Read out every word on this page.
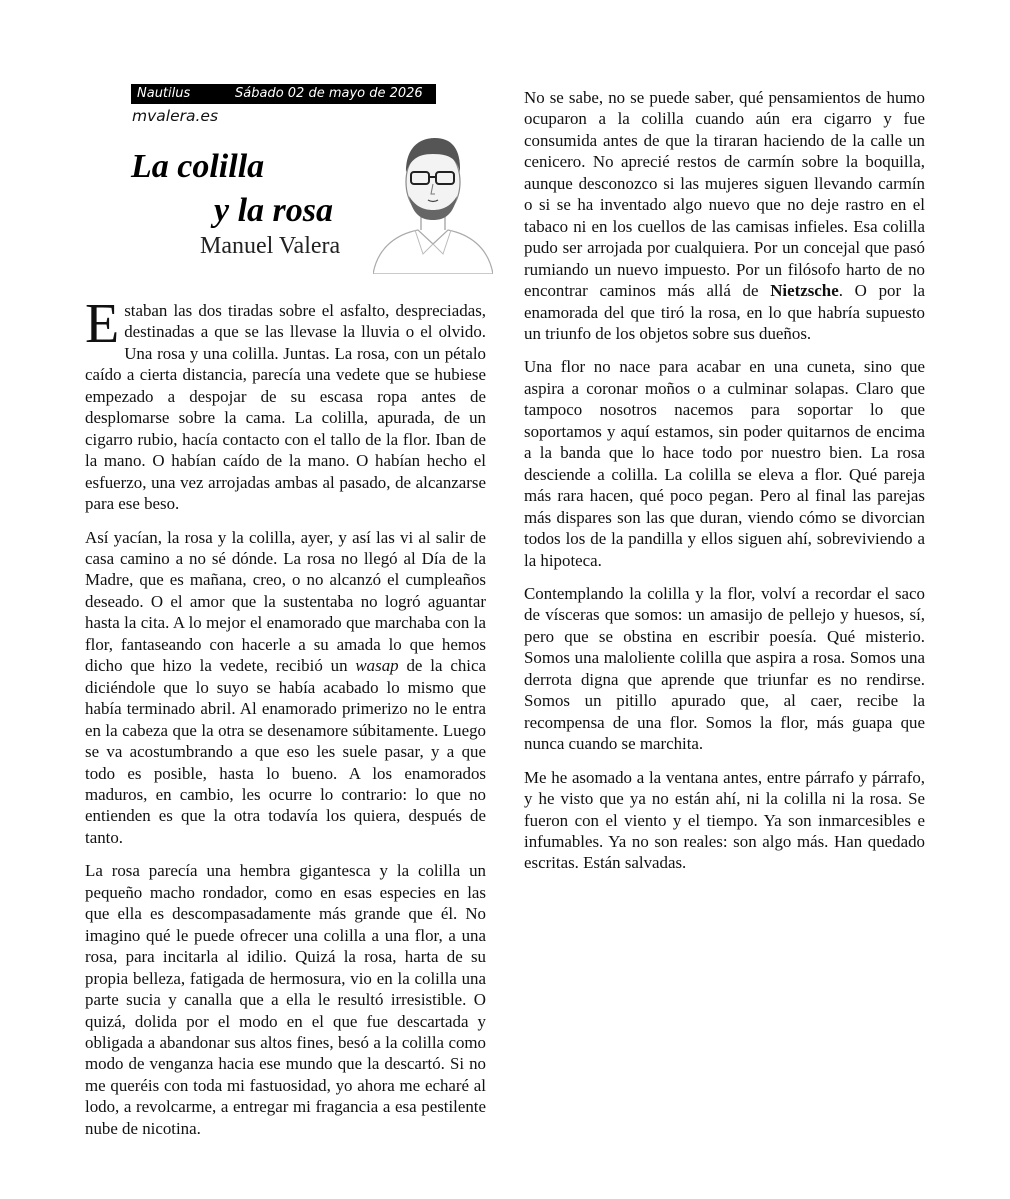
Nautilus	Sábado 02 de mayo de 2026
mvalera.es
La colilla
y la rosa
Manuel Valera

Estaban las dos tiradas sobre el asfalto, despreciadas, destinadas a que se las llevase la lluvia o el olvido. Una rosa y una colilla. Juntas. La rosa, con un pétalo caído a cierta distancia, parecía una vedete que se hubiese empezado a despojar de su escasa ropa antes de desplomarse sobre la cama. La colilla, apurada, de un cigarro rubio, hacía contacto con el tallo de la flor. Iban de la mano. O habían caído de la mano. O habían hecho el esfuerzo, una vez arrojadas ambas al pasado, de alcanzarse para ese beso.

Así yacían, la rosa y la colilla, ayer, y así las vi al salir de casa camino a no sé dónde. La rosa no llegó al Día de la Madre, que es mañana, creo, o no alcanzó el cumpleaños deseado. O el amor que la sustentaba no logró aguantar hasta la cita. A lo mejor el enamorado que marchaba con la flor, fantaseando con hacerle a su amada lo que hemos dicho que hizo la vedete, recibió un wasap de la chica diciéndole que lo suyo se había acabado lo mismo que había terminado abril. Al enamorado primerizo no le entra en la cabeza que la otra se desenamore súbitamente. Luego se va acostumbrando a que eso les suele pasar, y a que todo es posible, hasta lo bueno. A los enamorados maduros, en cambio, les ocurre lo contrario: lo que no entienden es que la otra todavía los quiera, después de tanto.

La rosa parecía una hembra gigantesca y la colilla un pequeño macho rondador, como en esas especies en las que ella es descompasadamente más grande que él. No imagino qué le puede ofrecer una colilla a una flor, a una rosa, para incitarla al idilio. Quizá la rosa, harta de su propia belleza, fatigada de hermosura, vio en la colilla una parte sucia y canalla que a ella le resultó irresistible. O quizá, dolida por el modo en el que fue descartada y obligada a abandonar sus altos fines, besó a la colilla como modo de venganza hacia ese mundo que la descartó. Si no me queréis con toda mi fastuosidad, yo ahora me echaré al lodo, a revolcarme, a entregar mi fragancia a esa pestilente nube de nicotina.

No se sabe, no se puede saber, qué pensamientos de humo ocuparon a la colilla cuando aún era cigarro y fue consumida antes de que la tiraran haciendo de la calle un cenicero. No aprecié restos de carmín sobre la boquilla, aunque desconozco si las mujeres siguen llevando carmín o si se ha inventado algo nuevo que no deje rastro en el tabaco ni en los cuellos de las camisas infieles. Esa colilla pudo ser arrojada por cualquiera. Por un concejal que pasó rumiando un nuevo impuesto. Por un filósofo harto de no encontrar caminos más allá de Nietzsche. O por la enamorada del que tiró la rosa, en lo que habría supuesto un triunfo de los objetos sobre sus dueños.

Una flor no nace para acabar en una cuneta, sino que aspira a coronar moños o a culminar solapas. Claro que tampoco nosotros nacemos para soportar lo que soportamos y aquí estamos, sin poder quitarnos de encima a la banda que lo hace todo por nuestro bien. La rosa desciende a colilla. La colilla se eleva a flor. Qué pareja más rara hacen, qué poco pegan. Pero al final las parejas más dispares son las que duran, viendo cómo se divorcian todos los de la pandilla y ellos siguen ahí, sobreviviendo a la hipoteca.

Contemplando la colilla y la flor, volví a recordar el saco de vísceras que somos: un amasijo de pellejo y huesos, sí, pero que se obstina en escribir poesía. Qué misterio. Somos una maloliente colilla que aspira a rosa. Somos una derrota digna que aprende que triunfar es no rendirse. Somos un pitillo apurado que, al caer, recibe la recompensa de una flor. Somos la flor, más guapa que nunca cuando se marchita.

Me he asomado a la ventana antes, entre párrafo y párrafo, y he visto que ya no están ahí, ni la colilla ni la rosa. Se fueron con el viento y el tiempo. Ya son inmarcesibles e infumables. Ya no son reales: son algo más. Han quedado escritas. Están salvadas.
